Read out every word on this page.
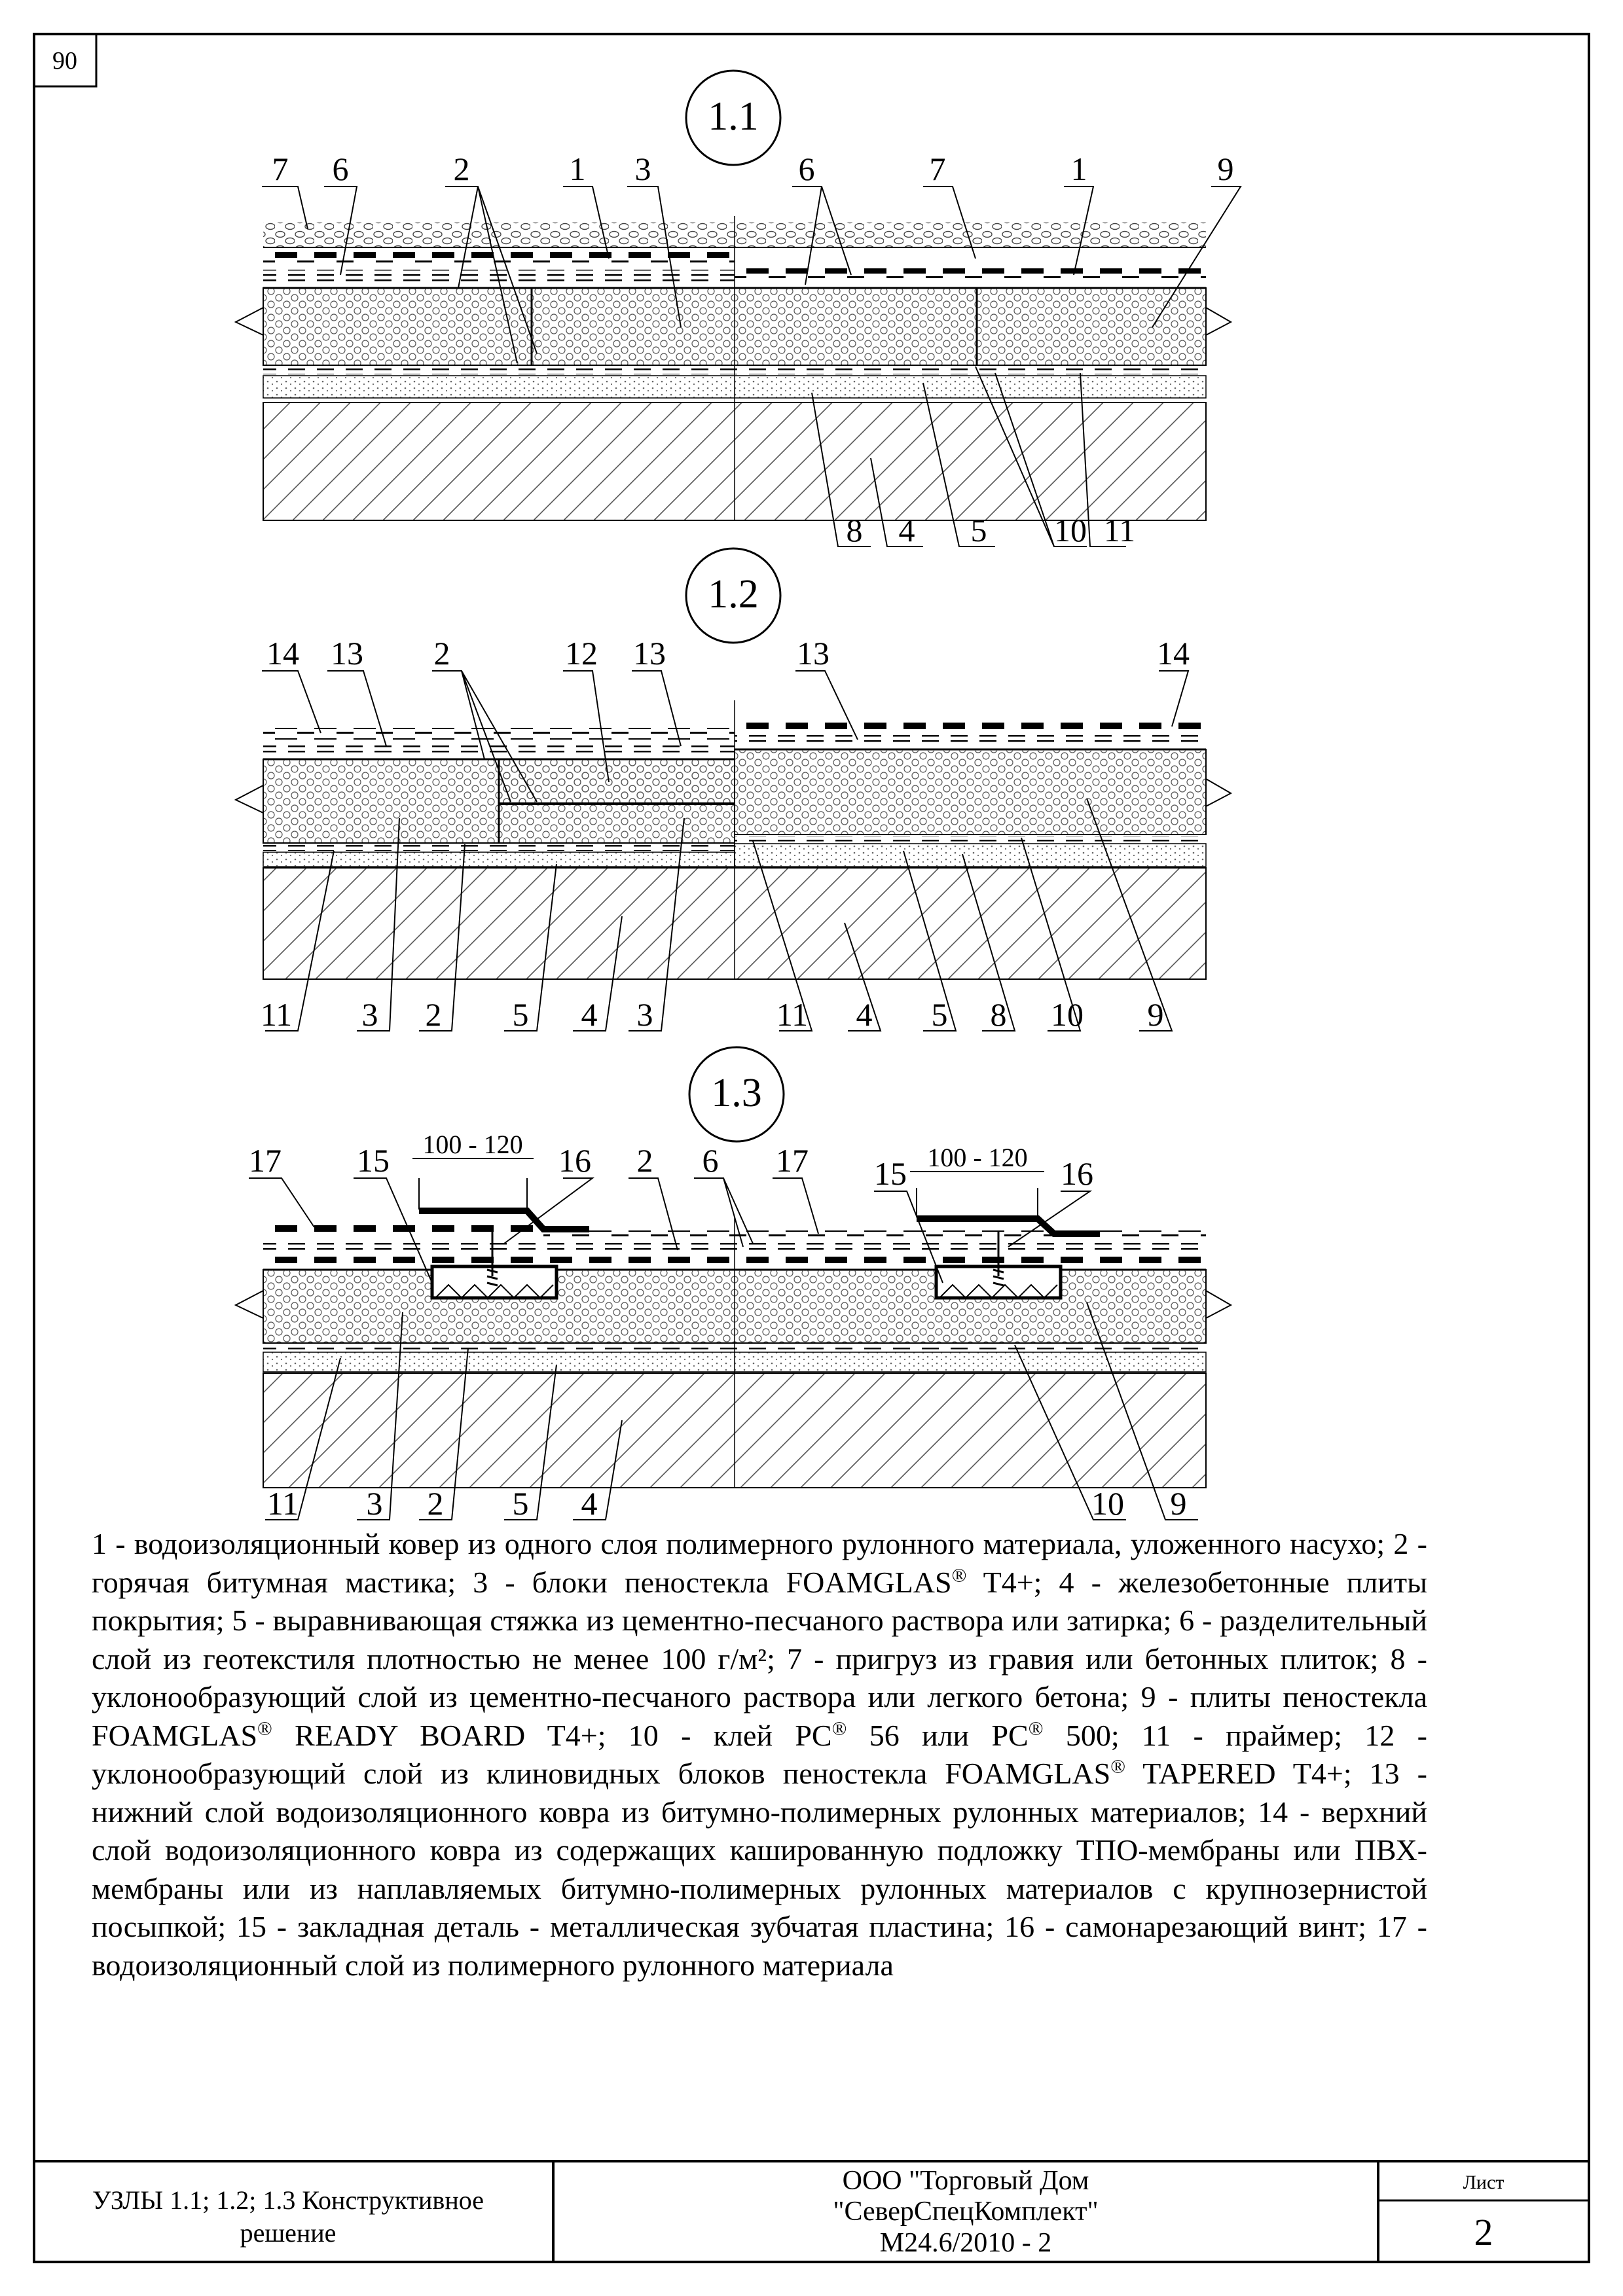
90
1.1
7 6	2	1 3	6	7	1	9
8 4 5 10 11
1.2
14 13 2	12 13	13	14
11 3 2 5 4 3	11 4 5 8 10 9
1.3
100 - 120	100 - 120
17 15	16 2 6 17 15	16
11 3 2 5 4	10 9
УЗЛЫ 1.1; 1.2; 1.3 Конструктивное
решение
ООО "Торговый Дом
"СеверСпецКомплект"
М24.6/2010 - 2
Лист
2
1 - водоизоляционный ковер из одного слоя полимерного рулонного материала, уложенного насухо; 2 - горячая битумная мастика; 3 - блоки пеностекла FOAMGLAS® T4+; 4 - железобетонные плиты покрытия; 5 - выравнивающая стяжка из цементно-песчаного раствора или затирка; 6 - разделительный слой из геотекстиля плотностью не менее 100 г/м²; 7 - пригруз из гравия или бетонных плиток; 8 - уклонообразующий слой из цементно-песчаного раствора или легкого бетона; 9 - плиты пеностекла FOAMGLAS® READY BOARD T4+; 10 - клей PC® 56 или PC® 500; 11 - праймер; 12 - уклонообразующий слой из клиновидных блоков пеностекла FOAMGLAS® TAPERED T4+; 13 - нижний слой водоизоляционного ковра из битумно-полимерных рулонных материалов; 14 - верхний слой водоизоляционного ковра из содержащих кашированную подложку ТПО-мембраны или ПВХ-мембраны или из наплавляемых битумно-полимерных рулонных материалов с крупнозернистой посыпкой; 15 - закладная деталь - металлическая зубчатая пластина; 16 - самонарезающий винт; 17 - водоизоляционный слой из полимерного рулонного материала
